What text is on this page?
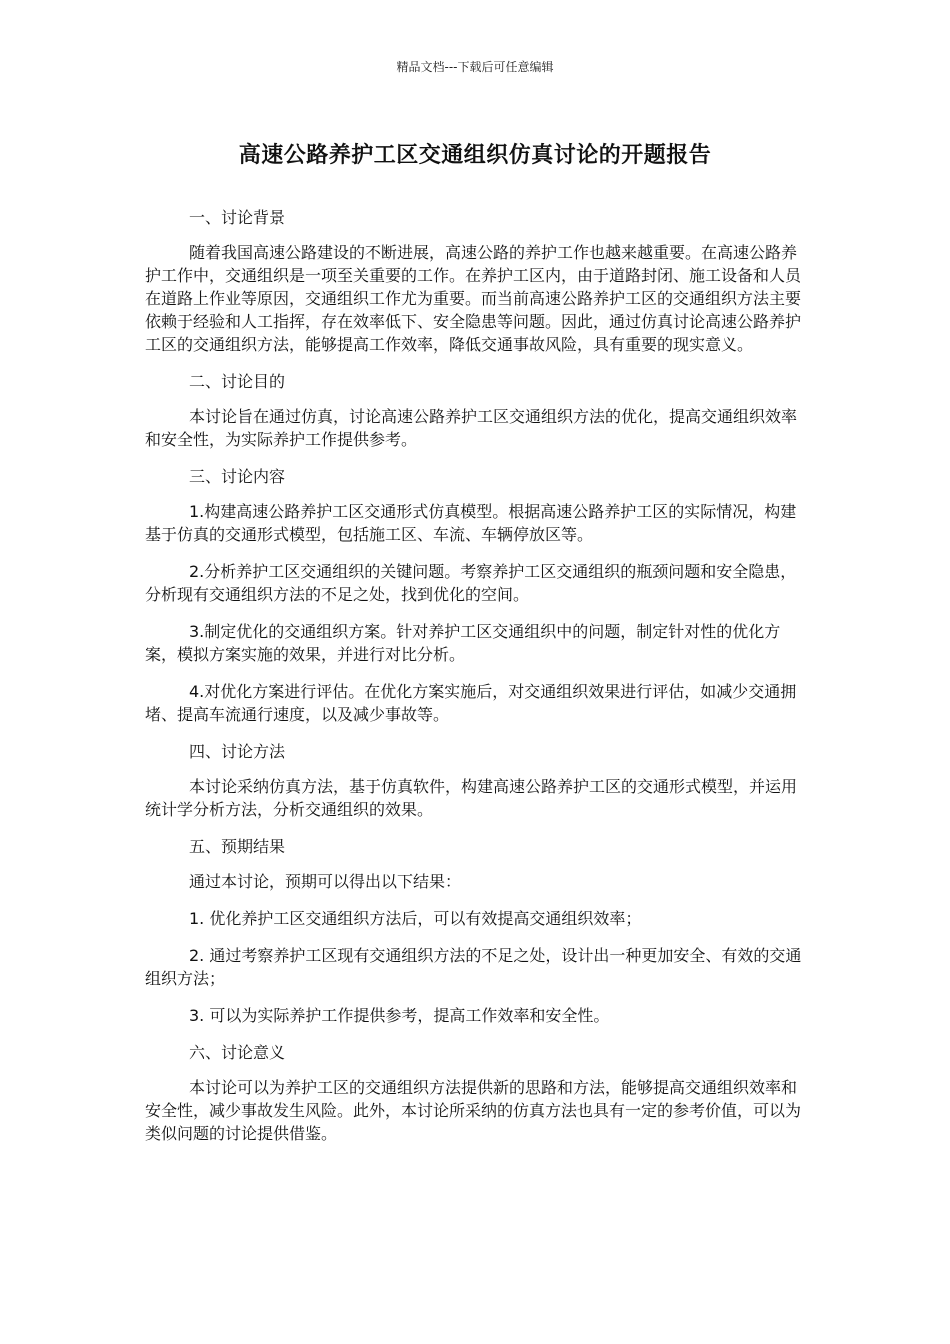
精品文档---下载后可任意编辑
高速公路养护工区交通组织仿真讨论的开题报告

一、讨论背景

随着我国高速公路建设的不断进展，高速公路的养护工作也越来越重要。在高速公路养护工作中，交通组织是一项至关重要的工作。在养护工区内，由于道路封闭、施工设备和人员在道路上作业等原因，交通组织工作尤为重要。而当前高速公路养护工区的交通组织方法主要依赖于经验和人工指挥，存在效率低下、安全隐患等问题。因此，通过仿真讨论高速公路养护工区的交通组织方法，能够提高工作效率，降低交通事故风险，具有重要的现实意义。

二、讨论目的

本讨论旨在通过仿真，讨论高速公路养护工区交通组织方法的优化，提高交通组织效率和安全性，为实际养护工作提供参考。

三、讨论内容

1.构建高速公路养护工区交通形式仿真模型。根据高速公路养护工区的实际情况，构建基于仿真的交通形式模型，包括施工区、车流、车辆停放区等。

2.分析养护工区交通组织的关键问题。考察养护工区交通组织的瓶颈问题和安全隐患，分析现有交通组织方法的不足之处，找到优化的空间。

3.制定优化的交通组织方案。针对养护工区交通组织中的问题，制定针对性的优化方案，模拟方案实施的效果，并进行对比分析。

4.对优化方案进行评估。在优化方案实施后，对交通组织效果进行评估，如减少交通拥堵、提高车流通行速度，以及减少事故等。

四、讨论方法

本讨论采纳仿真方法，基于仿真软件，构建高速公路养护工区的交通形式模型，并运用统计学分析方法，分析交通组织的效果。

五、预期结果

通过本讨论，预期可以得出以下结果：

1. 优化养护工区交通组织方法后，可以有效提高交通组织效率；

2. 通过考察养护工区现有交通组织方法的不足之处，设计出一种更加安全、有效的交通组织方法；

3. 可以为实际养护工作提供参考，提高工作效率和安全性。

六、讨论意义

本讨论可以为养护工区的交通组织方法提供新的思路和方法，能够提高交通组织效率和安全性，减少事故发生风险。此外，本讨论所采纳的仿真方法也具有一定的参考价值，可以为类似问题的讨论提供借鉴。
